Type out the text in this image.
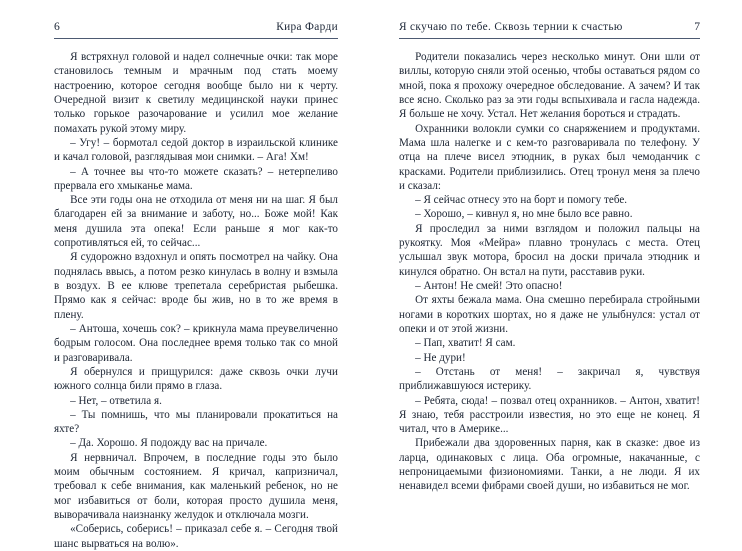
6	Кира Фарди

Я встряхнул головой и надел солнечные очки: так море становилось темным и мрачным под стать моему настроению, которое сегодня вообще было ни к черту. Очередной визит к светилу медицинской науки принес только горькое разочарование и усилил мое желание помахать рукой этому миру.

– Угу! – бормотал седой доктор в израильской клинике и качал головой, разглядывая мои снимки. – Ага! Хм!

– А точнее вы что-то можете сказать? – нетерпеливо прервала его хмыканье мама.

Все эти годы она не отходила от меня ни на шаг. Я был благодарен ей за внимание и заботу, но... Боже мой! Как меня душила эта опека! Если раньше я мог как-то сопротивляться ей, то сейчас...

Я судорожно вздохнул и опять посмотрел на чайку. Она поднялась ввысь, а потом резко кинулась в волну и взмыла в воздух. В ее клюве трепетала серебристая рыбешка. Прямо как я сейчас: вроде бы жив, но в то же время в плену.

– Антоша, хочешь сок? – крикнула мама преувеличенно бодрым голосом. Она последнее время только так со мной и разговаривала.

Я обернулся и прищурился: даже сквозь очки лучи южного солнца били прямо в глаза.

– Нет, – ответила я.

– Ты помнишь, что мы планировали прокатиться на яхте?

– Да. Хорошо. Я подожду вас на причале.

Я нервничал. Впрочем, в последние годы это было моим обычным состоянием. Я кричал, капризничал, требовал к себе внимания, как маленький ребенок, но не мог избавиться от боли, которая просто душила меня, выворачивала наизнанку желудок и отключала мозги.

«Соберись, соберись! – приказал себе я. – Сегодня твой шанс вырваться на волю».

Я скучаю по тебе. Сквозь тернии к счастью	7

Родители показались через несколько минут. Они шли от виллы, которую сняли этой осенью, чтобы оставаться рядом со мной, пока я прохожу очередное обследование. А зачем? И так все ясно. Сколько раз за эти годы вспыхивала и гасла надежда. Я больше не хочу. Устал. Нет желания бороться и страдать.

Охранники волокли сумки со снаряжением и продуктами. Мама шла налегке и с кем-то разговаривала по телефону. У отца на плече висел этюдник, в руках был чемоданчик с красками. Родители приблизились. Отец тронул меня за плечо и сказал:

– Я сейчас отнесу это на борт и помогу тебе.

– Хорошо, – кивнул я, но мне было все равно.

Я проследил за ними взглядом и положил пальцы на рукоятку. Моя «Мейра» плавно тронулась с места. Отец услышал звук мотора, бросил на доски причала этюдник и кинулся обратно. Он встал на пути, расставив руки.

– Антон! Не смей! Это опасно!

От яхты бежала мама. Она смешно перебирала стройными ногами в коротких шортах, но я даже не улыбнулся: устал от опеки и от этой жизни.

– Пап, хватит! Я сам.

– Не дури!

– Отстань от меня! – закричал я, чувствуя приближавшуюся истерику.

– Ребята, сюда! – позвал отец охранников. – Антон, хватит! Я знаю, тебя расстроили известия, но это еще не конец. Я читал, что в Америке...

Прибежали два здоровенных парня, как в сказке: двое из ларца, одинаковых с лица. Оба огромные, накачанные, с непроницаемыми физиономиями. Танки, а не люди. Я их ненавидел всеми фибрами своей души, но избавиться не мог.
